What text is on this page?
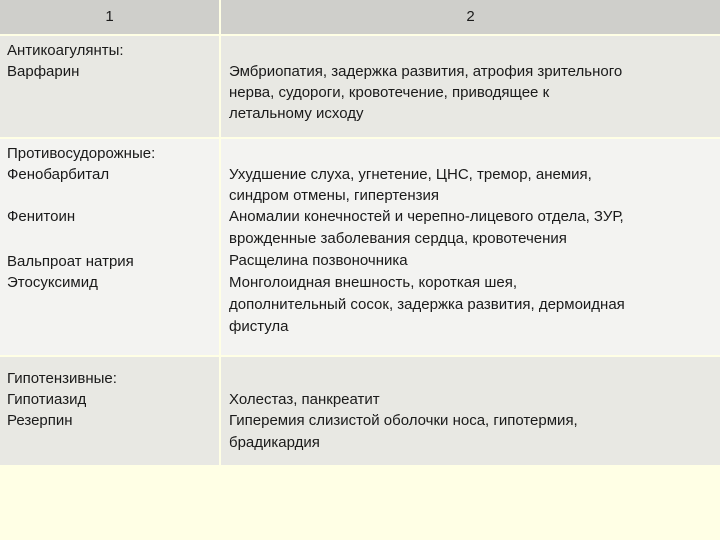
1	2
Антикоагулянты:
Варфарин	Эмбриопатия, задержка развития, атрофия зрительного
нерва, судороги, кровотечение, приводящее к
летальному исходу
Противосудорожные:
Фенобарбитал
Фенитоин
Вальпроат натрия
Этосуксимид
Ухудшение слуха, угнетение, ЦНС, тремор, анемия,
синдром отмены, гипертензия
Аномалии конечностей и черепно-лицевого отдела, ЗУР,
врожденные заболевания сердца, кровотечения
Расщелина позвоночника
Монголоидная внешность, короткая шея,
дополнительный сосок, задержка развития, дермоидная
фистула
Гипотензивные:
Гипотиазид
Резерпин
Холестаз, панкреатит
Гиперемия слизистой оболочки носа, гипотермия,
брадикардия
